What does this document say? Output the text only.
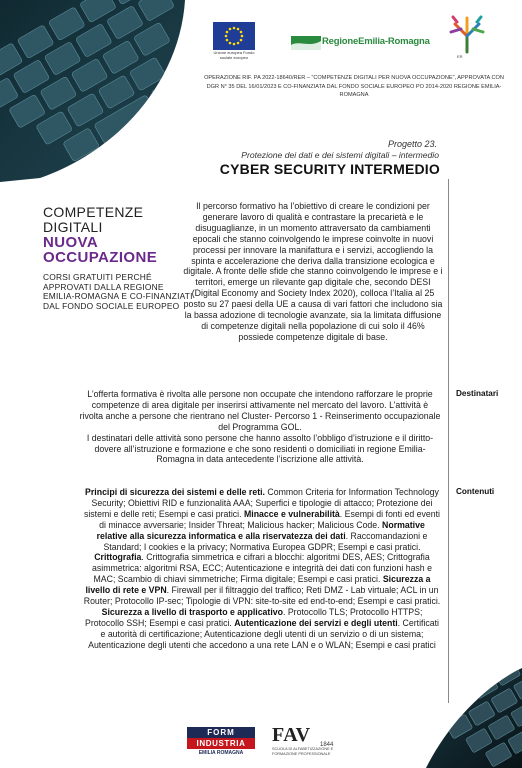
Unione europea Fondo sociale europeo
RegioneEmilia-Romagna
ER
OPERAZIONE RIF. PA 2022-18640/RER – “COMPETENZE DIGITALI PER NUOVA OCCUPAZIONE”, APPROVATA CON DGR N° 35 DEL 16/01/2023 E CO-FINANZIATA DAL FONDO SOCIALE EUROPEO PO 2014-2020 REGIONE EMILIA-ROMAGNA
Progetto 23.
Protezione dei dati e dei sistemi digitali – intermedio
CYBER SECURITY INTERMEDIO
COMPETENZE
DIGITALI
NUOVA
OCCUPAZIONE
CORSI GRATUITI PERCHÉ APPROVATI DALLA REGIONE EMILIA-ROMAGNA E CO-FINANZIATI DAL FONDO SOCIALE EUROPEO
Il percorso formativo ha l’obiettivo di creare le condizioni per generare lavoro di qualità e contrastare la precarietà e le disuguaglianze, in un momento attraversato da cambiamenti epocali che stanno coinvolgendo le imprese coinvolte in nuovi processi per innovare la manifattura e i servizi, accogliendo la spinta e accelerazione che deriva dalla transizione ecologica e digitale. A fronte delle sfide che stanno coinvolgendo le imprese e i territori, emerge un rilevante gap digitale che, secondo DESI (Digital Economy and Society Index 2020), colloca l’Italia al 25 posto su 27 paesi della UE a causa di vari fattori che includono sia la bassa adozione di tecnologie avanzate, sia la limitata diffusione di competenze digitali nella popolazione di cui solo il 46% possiede competenze digitale di base.
Destinatari
Contenuti
L’offerta formativa è rivolta alle persone non occupate che intendono rafforzare le proprie competenze di area digitale per inserirsi attivamente nel mercato del lavoro. L’attività è rivolta anche a persone che rientrano nel Cluster- Percorso 1 - Reinserimento occupazionale del Programma GOL.
I destinatari delle attività sono persone che hanno assolto l’obbligo d’istruzione e il diritto-dovere all’istruzione e formazione e che sono residenti o domiciliati in regione Emilia-Romagna in data antecedente l’iscrizione alle attività.
Principi di sicurezza dei sistemi e delle reti. Common Criteria for Information Technology Security; Obiettivi RID e funzionalità AAA; Superfici e tipologie di attacco; Protezione dei sistemi e delle reti; Esempi e casi pratici. Minacce e vulnerabilità. Esempi di fonti ed eventi di minacce avversarie; Insider Threat; Malicious hacker; Malicious Code. Normative relative alla sicurezza informatica e alla riservatezza dei dati. Raccomandazioni e Standard; I cookies e la privacy; Normativa Europea GDPR; Esempi e casi pratici. Crittografia. Crittografia simmetrica e cifrari a blocchi: algoritmi DES, AES; Crittografia asimmetrica: algoritmi RSA, ECC; Autenticazione e integrità dei dati con funzioni hash e MAC; Scambio di chiavi simmetriche; Firma digitale; Esempi e casi pratici. Sicurezza a livello di rete e VPN. Firewall per il filtraggio del traffico; Reti DMZ - Lab virtuale; ACL in un Router; Protocollo IP-sec; Tipologie di VPN: site-to-site ed end-to-end; Esempi e casi pratici. Sicurezza a livello di trasporto e applicativo. Protocollo TLS; Protocollo HTTPS; Protocollo SSH; Esempi e casi pratici. Autenticazione dei servizi e degli utenti. Certificati e autorità di certificazione; Autenticazione degli utenti di un servizio o di un sistema; Autenticazione degli utenti che accedono a una rete LAN e o WLAN; Esempi e casi pratici
FORM
INDUSTRIA
EMILIA ROMAGNA
FAV 1844
SCUOLA DI ALFABETIZZAZIONE E FORMAZIONE PROFESSIONALE
